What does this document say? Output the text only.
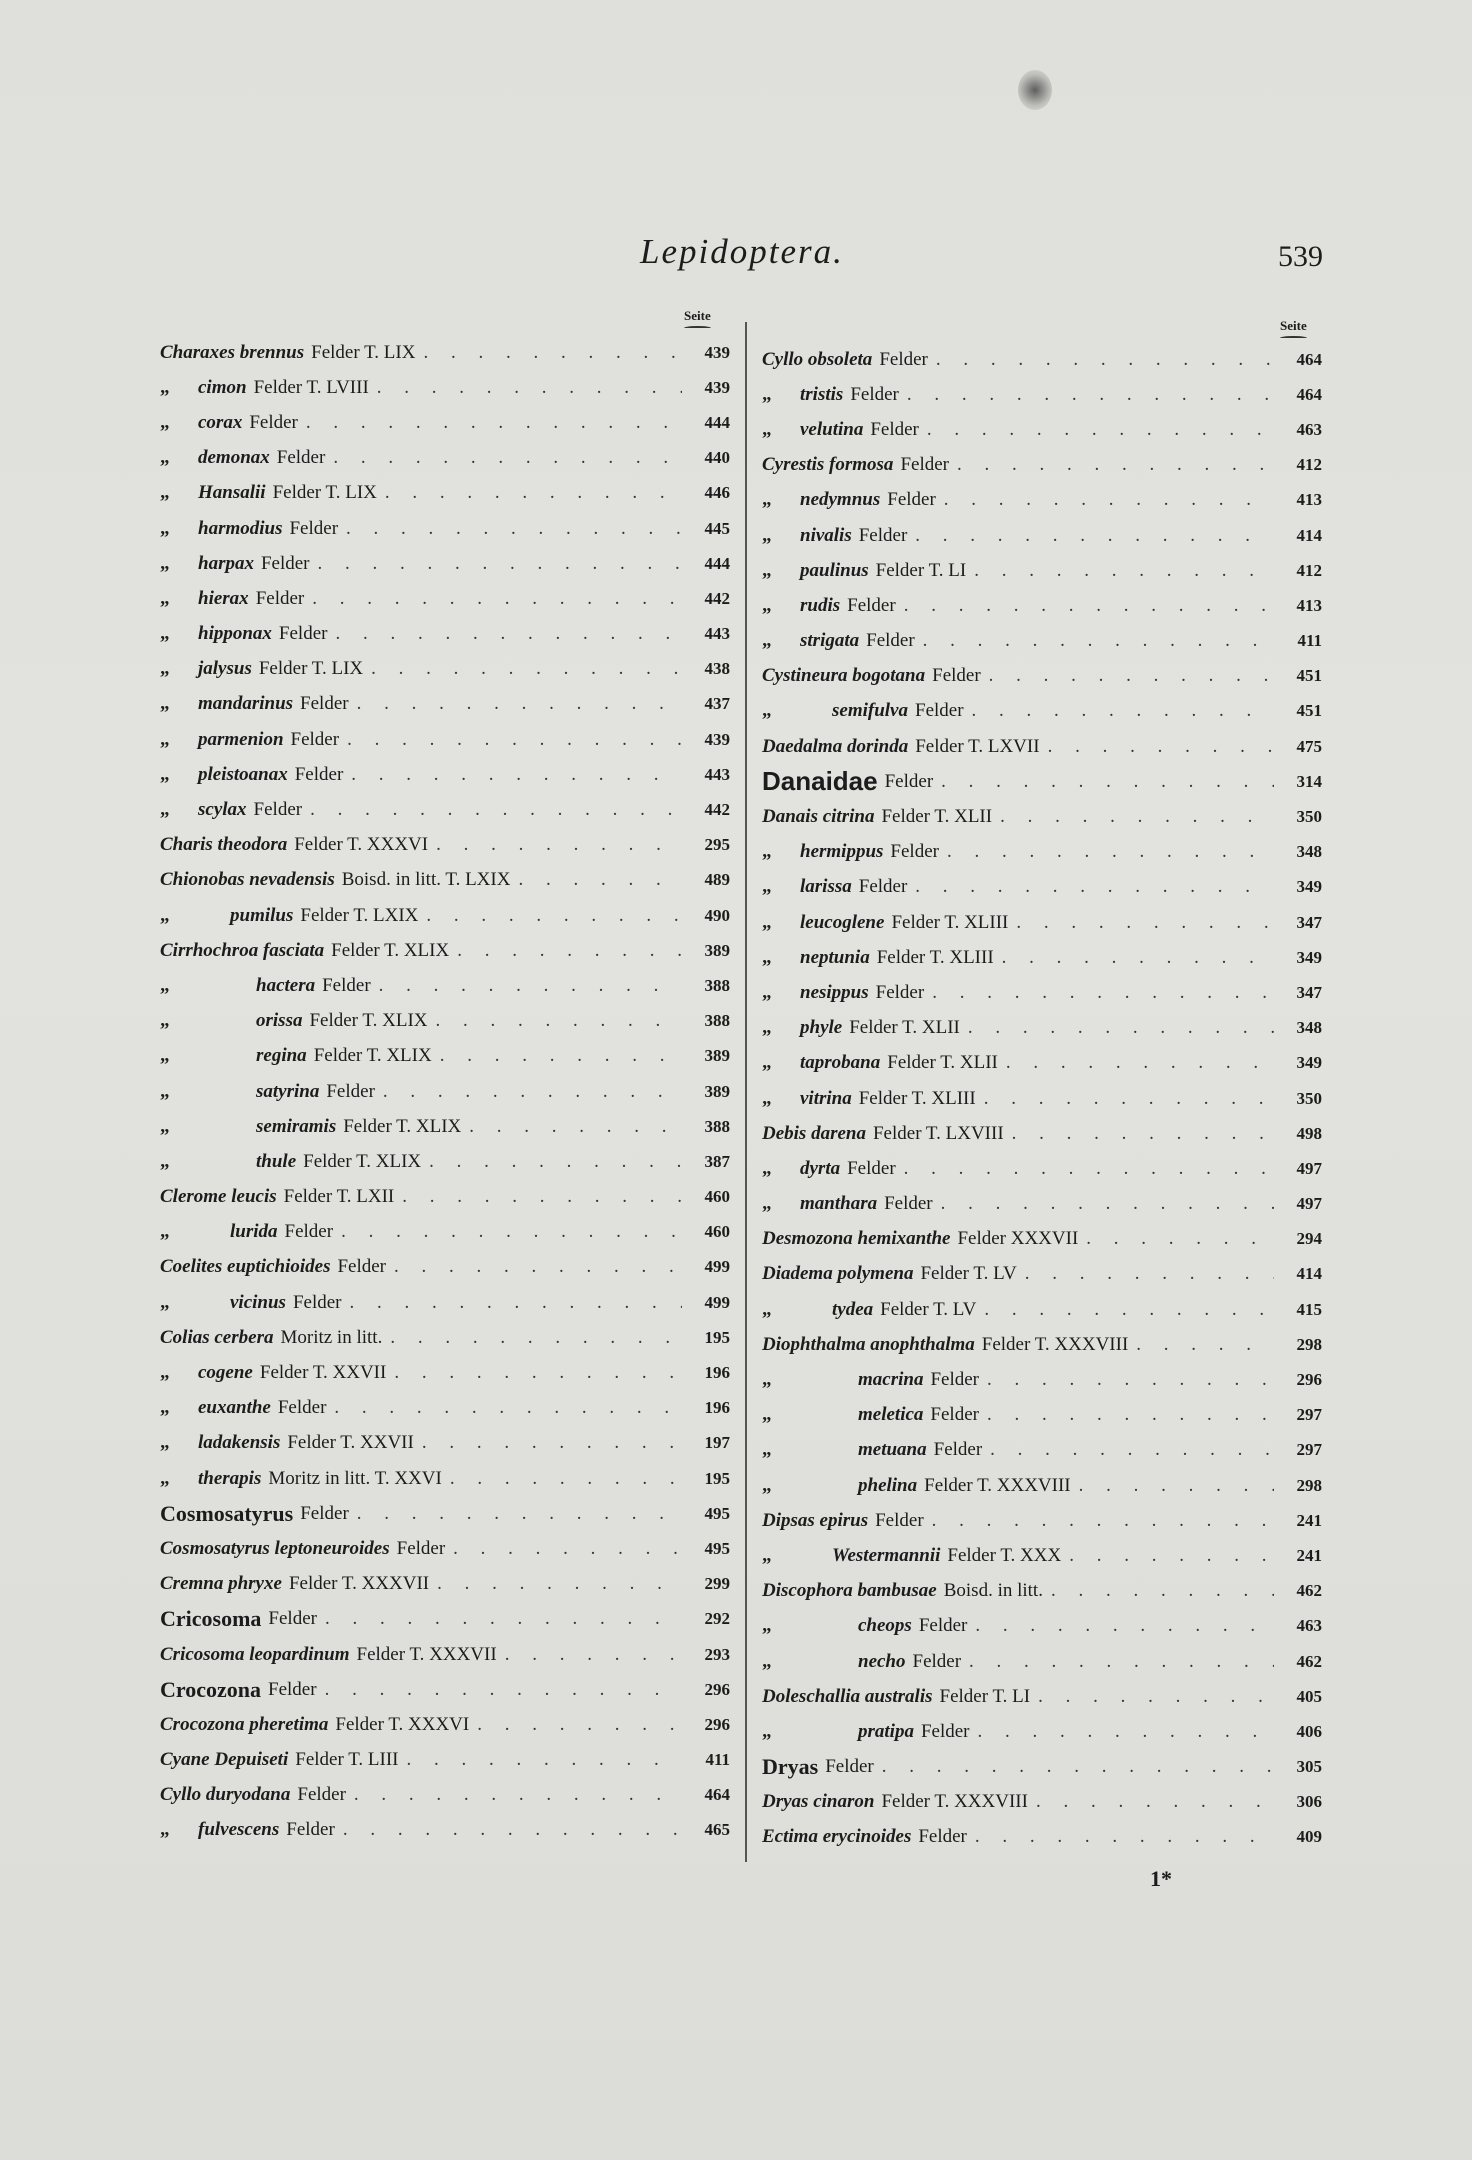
Lepidoptera.	539
Seite
Seite
Charaxes brennus Felder T. LIX . . .	439
„	cimon Felder T. LVIII . . .	439
„	corax Felder . . .	444
„	demonax Felder . . .	440
„	Hansalii Felder T. LIX . . .	446
„	harmodius Felder . . .	445
„	harpax Felder . . .	444
„	hierax Felder . . .	442
„	hipponax Felder . . .	443
„	jalysus Felder T. LIX . . .	438
„	mandarinus Felder . . .	437
„	parmenion Felder . . .	439
„	pleistoanax Felder . . .	443
„	scylax Felder . . .	442
Charis theodora Felder T. XXXVI . . .	295
Chionobas nevadensis Boisd. in litt. T. LXIX . . .	489
„	pumilus Felder T. LXIX . . .	490
Cirrhochroa fasciata Felder T. XLIX . . .	389
„	hactera Felder . . .	388
„	orissa Felder T. XLIX . . .	388
„	regina Felder T. XLIX . . .	389
„	satyrina Felder . . .	389
„	semiramis Felder T. XLIX . . .	388
„	thule Felder T. XLIX . . .	387
Clerome leucis Felder T. LXII . . .	460
„	lurida Felder . . .	460
Coelites euptichioides Felder . . .	499
„	vicinus Felder . . .	499
Colias cerbera Moritz in litt. . . .	195
„	cogene Felder T. XXVII . . .	196
„	euxanthe Felder . . .	196
„	ladakensis Felder T. XXVII . . .	197
„	therapis Moritz in litt. T. XXVI . . .	195
Cosmosatyrus Felder . . .	495
Cosmosatyrus leptoneuroides Felder . . .	495
Cremna phryxe Felder T. XXXVII . . .	299
Cricosoma Felder . . .	292
Cricosoma leopardinum Felder T. XXXVII . . .	293
Crocozona Felder . . .	296
Crocozona pheretima Felder T. XXXVI . . .	296
Cyane Depuiseti Felder T. LIII . . .	411
Cyllo duryodana Felder . . .	464
„	fulvescens Felder . . .	465
Cyllo obsoleta Felder . . .	464
„	tristis Felder . . .	464
„	velutina Felder . . .	463
Cyrestis formosa Felder . . .	412
„	nedymnus Felder . . .	413
„	nivalis Felder . . .	414
„	paulinus Felder T. LI . . .	412
„	rudis Felder . . .	413
„	strigata Felder . . .	411
Cystineura bogotana Felder . . .	451
„	semifulva Felder . . .	451
Daedalma dorinda Felder T. LXVII . . .	475
Danaidae Felder . . .	314
Danais citrina Felder T. XLII . . .	350
„	hermippus Felder . . .	348
„	larissa Felder . . .	349
„	leucoglene Felder T. XLIII . . .	347
„	neptunia Felder T. XLIII . . .	349
„	nesippus Felder . . .	347
„	phyle Felder T. XLII . . .	348
„	taprobana Felder T. XLII . . .	349
„	vitrina Felder T. XLIII . . .	350
Debis darena Felder T. LXVIII . . .	498
„	dyrta Felder . . .	497
„	manthara Felder . . .	497
Desmozona hemixanthe Felder XXXVII . . .	294
Diadema polymena Felder T. LV . . .	414
„	tydea Felder T. LV . . .	415
Diophthalma anophthalma Felder T. XXXVIII . . .	298
„	macrina Felder . . .	296
„	meletica Felder . . .	297
„	metuana Felder . . .	297
„	phelina Felder T. XXXVIII . . .	298
Dipsas epirus Felder . . .	241
„	Westermannii Felder T. XXX . . .	241
Discophora bambusae Boisd. in litt. . . .	462
„	cheops Felder . . .	463
„	necho Felder . . .	462
Doleschallia australis Felder T. LI . . .	405
„	pratipa Felder . . .	406
Dryas Felder . . .	305
Dryas cinaron Felder T. XXXVIII . . .	306
Ectima erycinoides Felder . . .	409
1*
